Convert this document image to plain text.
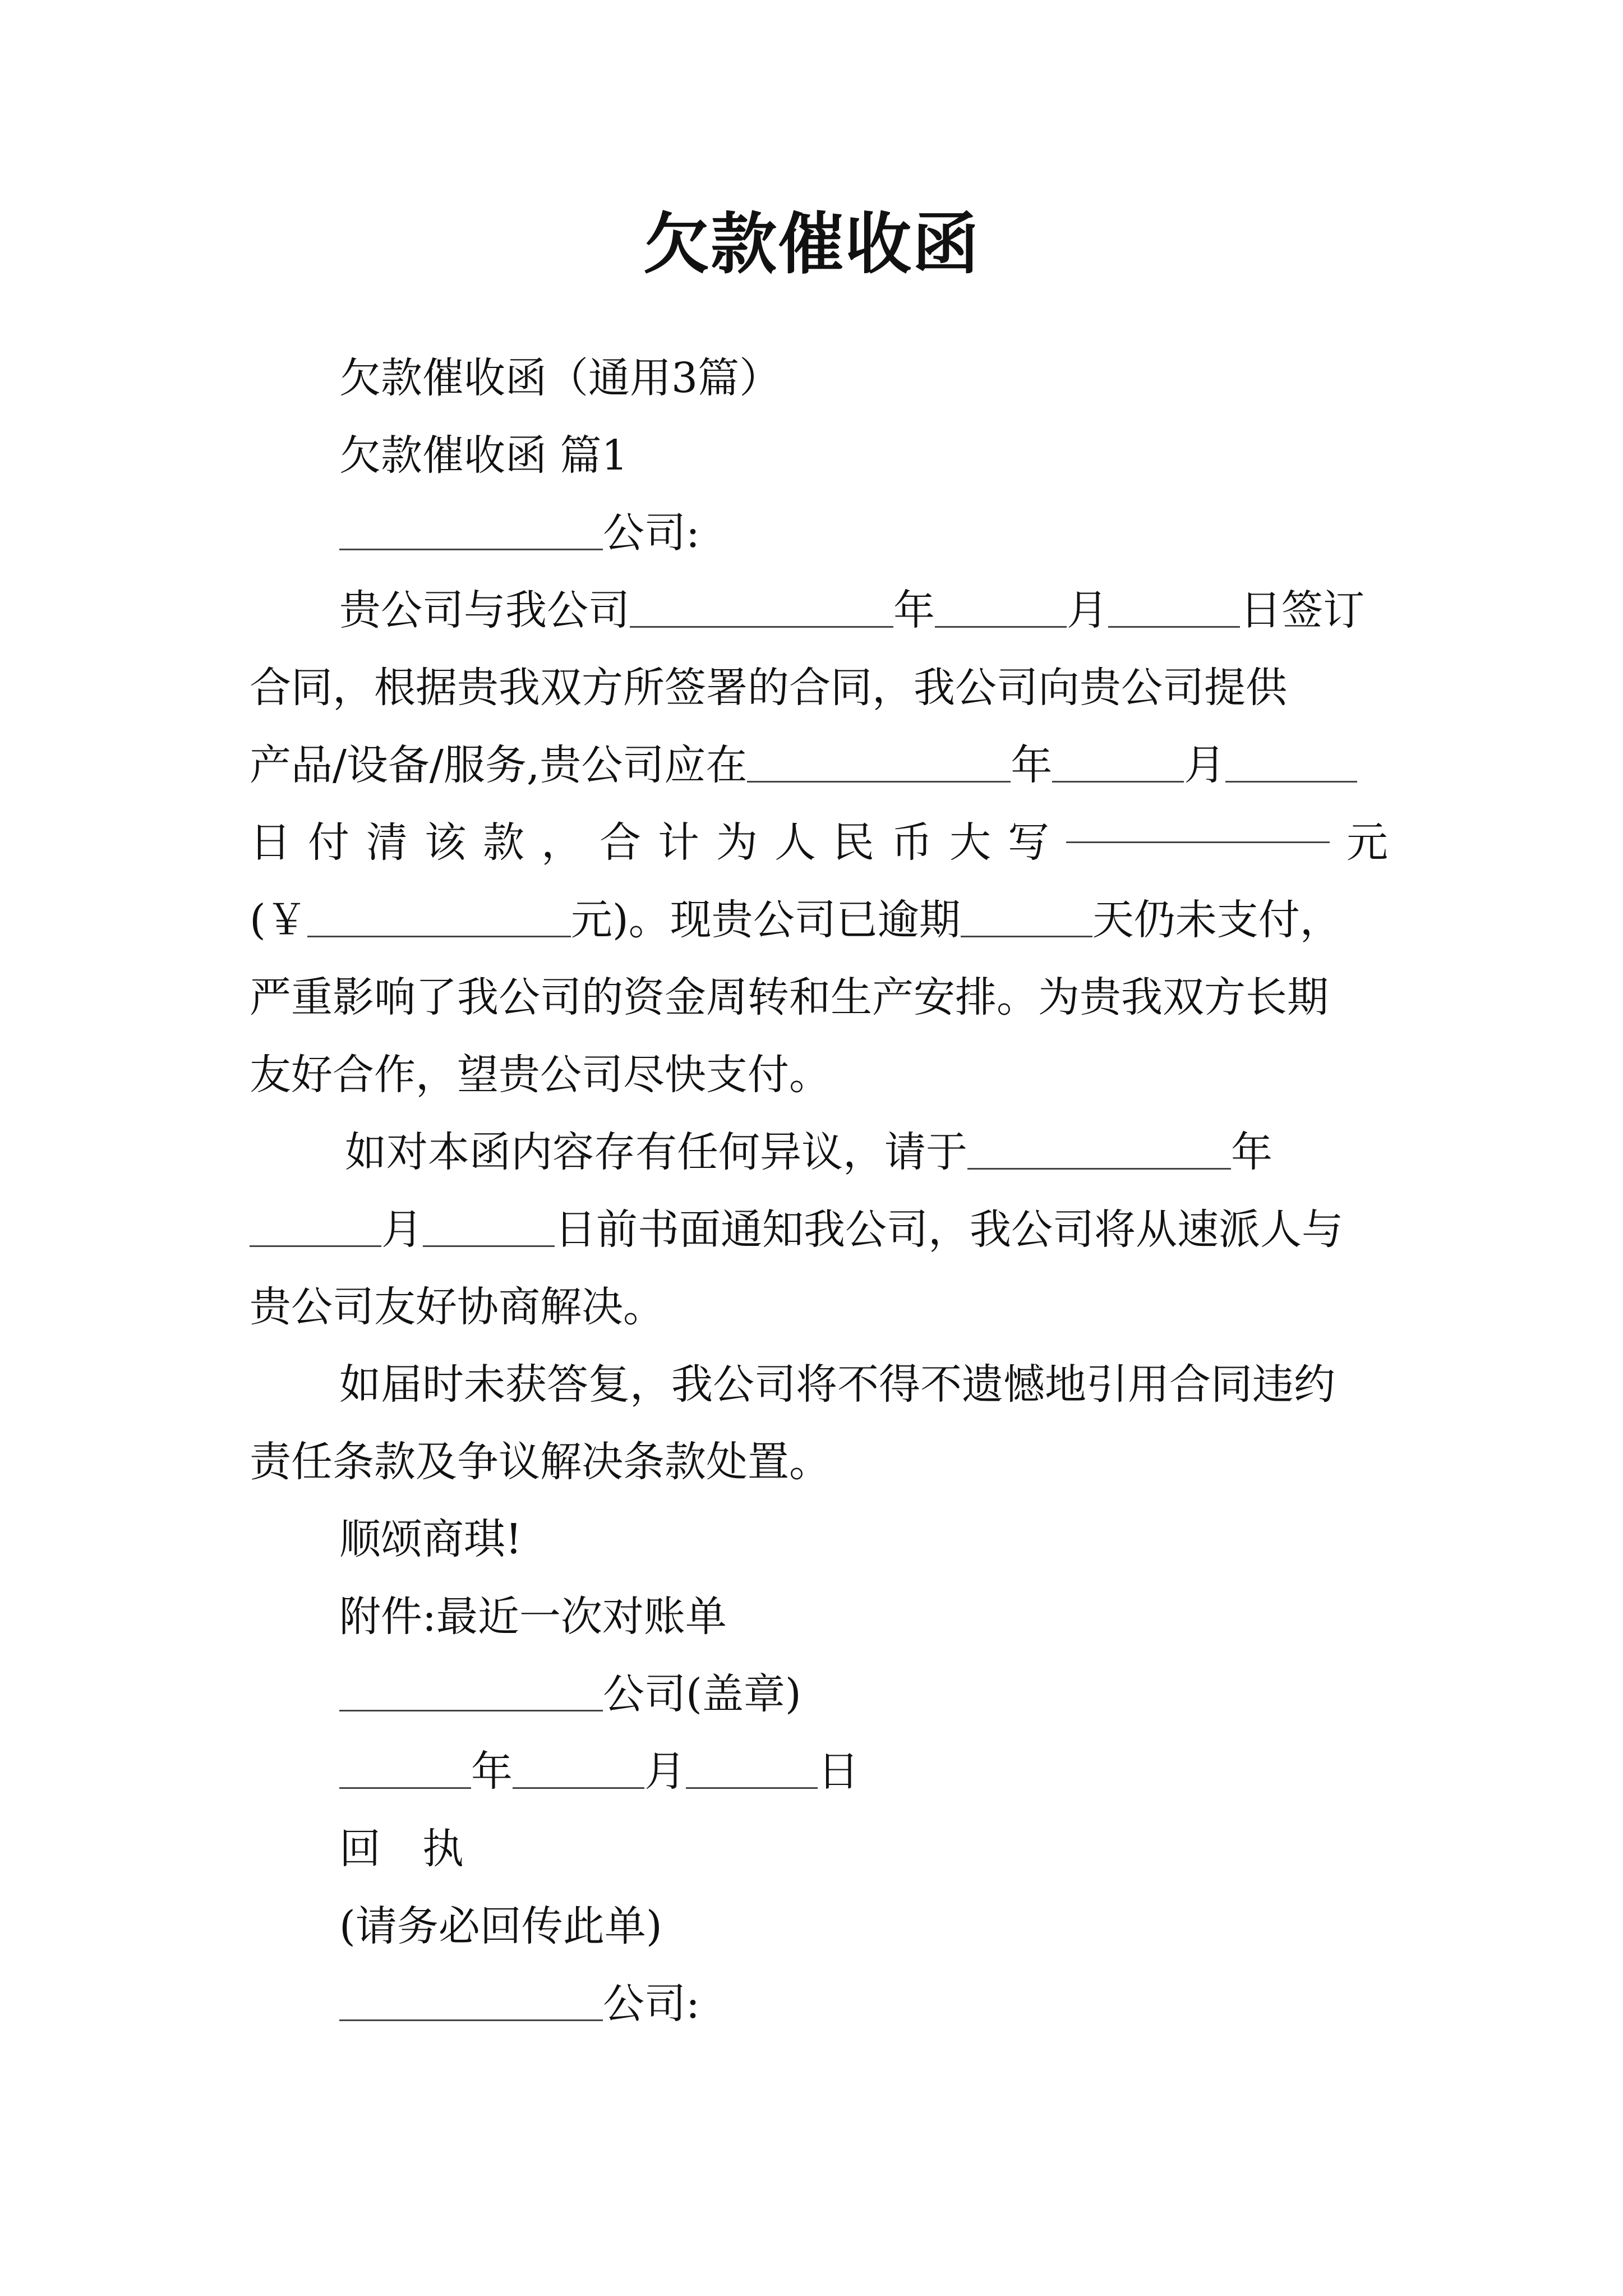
欠款催收函

欠款催收函（通用3篇）

欠款催收函 篇1

公司:

贵公司与我公司	年	月	日签订

合同，根据贵我双方所签署的合同，我公司向贵公司提供

产品/设备/服务,贵公司应在	年	月

日 付 清 该 款 ， 合 计 为 人 民 币 大 写	元

(￥	元)。现贵公司已逾期	天仍未支付，

严重影响了我公司的资金周转和生产安排。为贵我双方长期

友好合作，望贵公司尽快支付。

如对本函内容存有任何异议，请于	年

月	日前书面通知我公司，我公司将从速派人与

贵公司友好协商解决。

如届时未获答复，我公司将不得不遗憾地引用合同违约

责任条款及争议解决条款处置。

顺颂商琪!

附件:最近一次对账单

公司(盖章)

年	月	日

回　执

(请务必回传此单)

公司:
